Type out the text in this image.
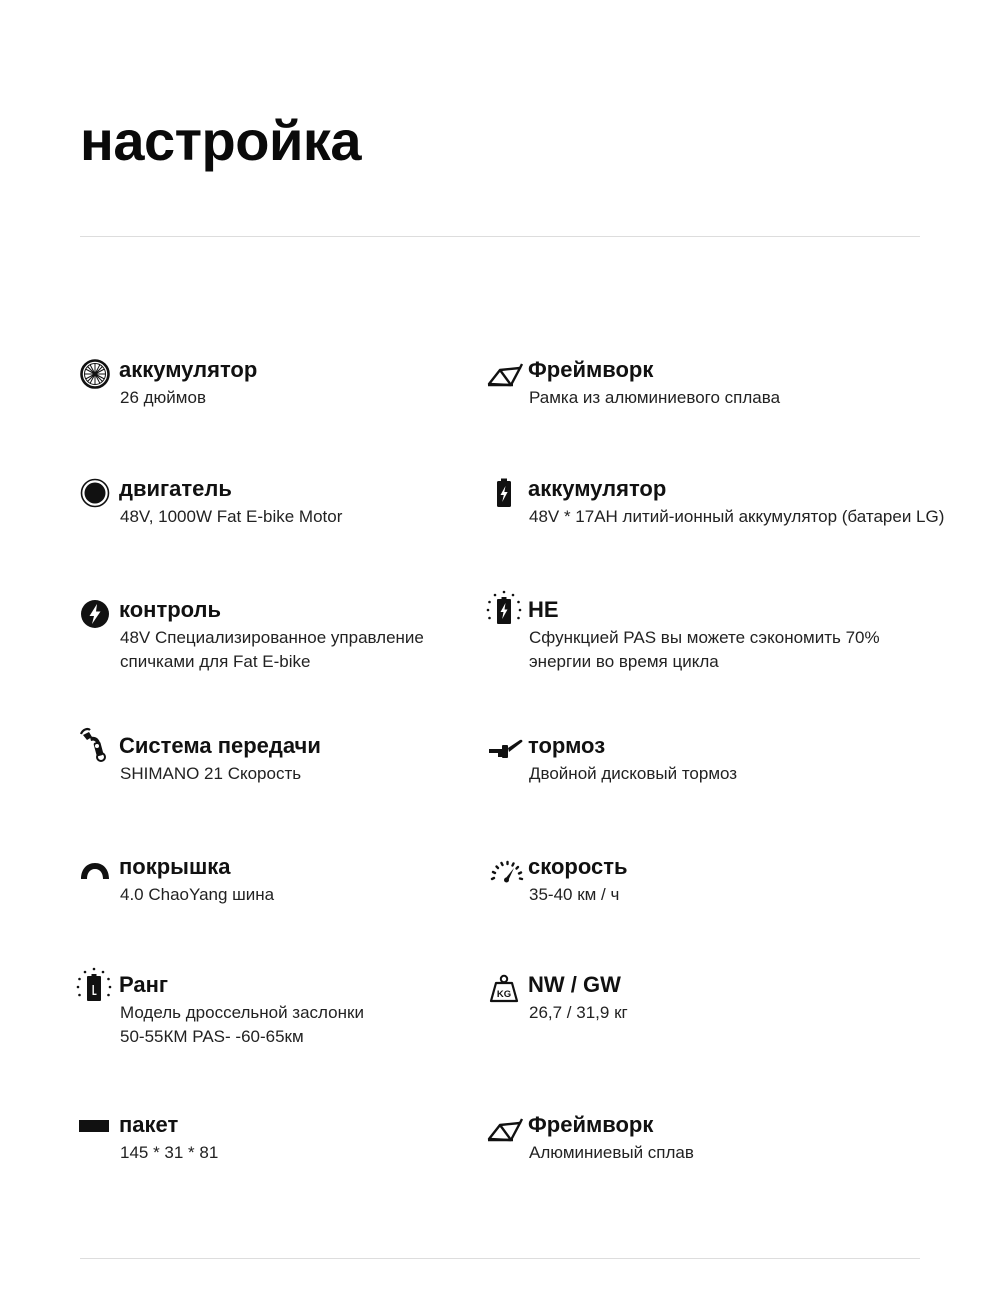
настройка
аккумулятор
26 дюймов
Фреймворк
Рамка из алюминиевого сплава
двигатель
48V, 1000W Fat E-bike Motor
аккумулятор
48V * 17AH литий-ионный аккумулятор (батареи LG)
контроль
48V Специализированное управление
спичками для Fat E-bike
НЕ
Сфункцией PAS вы можете сэкономить 70%
энергии во время цикла
Система передачи
SHIMANO 21 Скорость
тормоз
Двойной дисковый тормоз
покрышка
4.0 ChaoYang шина
скорость
35-40 км / ч
Ранг
Модель дроссельной заслонки
50-55КМ PAS- -60-65км
KG NW / GW
26,7 / 31,9 кг
пакет
145 * 31 * 81
Фреймворк
Алюминиевый сплав
